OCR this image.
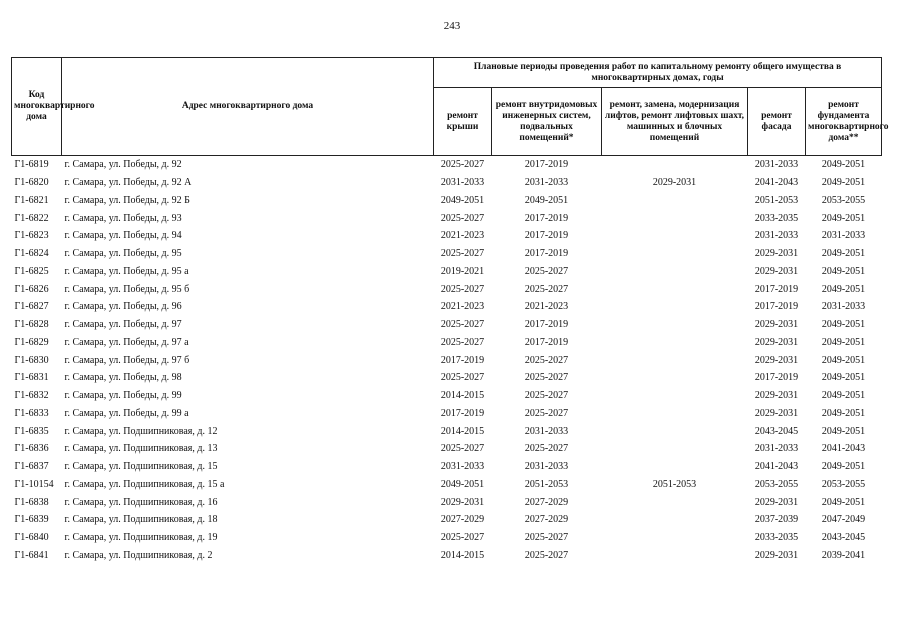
243
Код многоквартирного дома	Адрес многоквартирного дома	Плановые периоды проведения работ по капитальному ремонту общего имущества в многоквартирных домах, годы				
		ремонт крыши	ремонт внутридомовых инженерных систем, подвальных помещений*	ремонт, замена, модернизация лифтов, ремонт лифтовых шахт, машинных и блочных помещений	ремонт фасада	ремонт фундамента многоквартирного дома**
Г1-6819	г. Самара, ул. Победы, д. 92	2025-2027	2017-2019		2031-2033	2049-2051
Г1-6820	г. Самара, ул. Победы, д. 92 А	2031-2033	2031-2033	2029-2031	2041-2043	2049-2051
Г1-6821	г. Самара, ул. Победы, д. 92 Б	2049-2051	2049-2051		2051-2053	2053-2055
Г1-6822	г. Самара, ул. Победы, д. 93	2025-2027	2017-2019		2033-2035	2049-2051
Г1-6823	г. Самара, ул. Победы, д. 94	2021-2023	2017-2019		2031-2033	2031-2033
Г1-6824	г. Самара, ул. Победы, д. 95	2025-2027	2017-2019		2029-2031	2049-2051
Г1-6825	г. Самара, ул. Победы, д. 95 а	2019-2021	2025-2027		2029-2031	2049-2051
Г1-6826	г. Самара, ул. Победы, д. 95 б	2025-2027	2025-2027		2017-2019	2049-2051
Г1-6827	г. Самара, ул. Победы, д. 96	2021-2023	2021-2023		2017-2019	2031-2033
Г1-6828	г. Самара, ул. Победы, д. 97	2025-2027	2017-2019		2029-2031	2049-2051
Г1-6829	г. Самара, ул. Победы, д. 97 а	2025-2027	2017-2019		2029-2031	2049-2051
Г1-6830	г. Самара, ул. Победы, д. 97 б	2017-2019	2025-2027		2029-2031	2049-2051
Г1-6831	г. Самара, ул. Победы, д. 98	2025-2027	2025-2027		2017-2019	2049-2051
Г1-6832	г. Самара, ул. Победы, д. 99	2014-2015	2025-2027		2029-2031	2049-2051
Г1-6833	г. Самара, ул. Победы, д. 99 а	2017-2019	2025-2027		2029-2031	2049-2051
Г1-6835	г. Самара, ул. Подшипниковая, д. 12	2014-2015	2031-2033		2043-2045	2049-2051
Г1-6836	г. Самара, ул. Подшипниковая, д. 13	2025-2027	2025-2027		2031-2033	2041-2043
Г1-6837	г. Самара, ул. Подшипниковая, д. 15	2031-2033	2031-2033		2041-2043	2049-2051
Г1-10154	г. Самара, ул. Подшипниковая, д. 15 а	2049-2051	2051-2053	2051-2053	2053-2055	2053-2055
Г1-6838	г. Самара, ул. Подшипниковая, д. 16	2029-2031	2027-2029		2029-2031	2049-2051
Г1-6839	г. Самара, ул. Подшипниковая, д. 18	2027-2029	2027-2029		2037-2039	2047-2049
Г1-6840	г. Самара, ул. Подшипниковая, д. 19	2025-2027	2025-2027		2033-2035	2043-2045
Г1-6841	г. Самара, ул. Подшипниковая, д. 2	2014-2015	2025-2027		2029-2031	2039-2041
